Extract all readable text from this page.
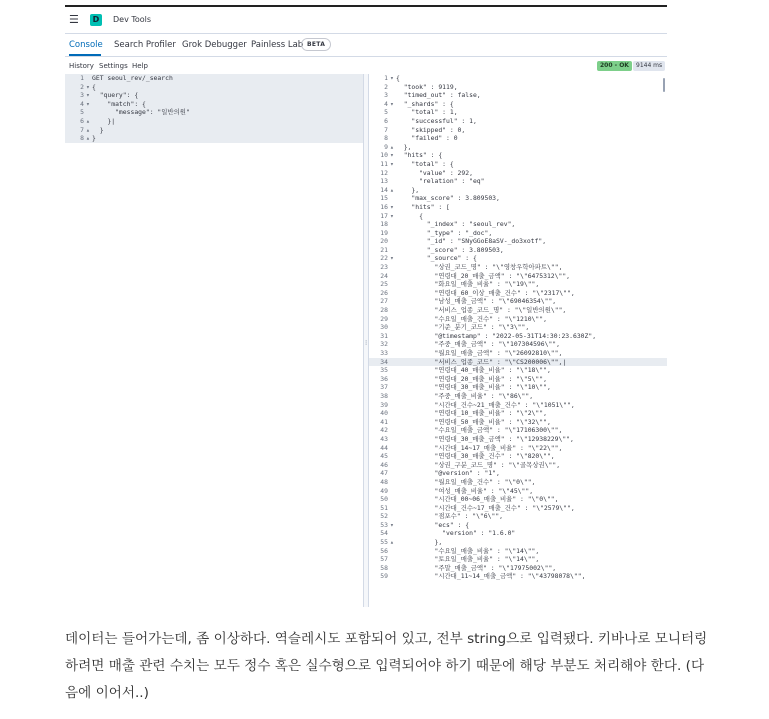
☰	D	Dev Tools
Console Search Profiler Grok Debugger Painless Lab BETA
History Settings Help	200 - OK	9144 ms
1 GET seoul_rev/_search
2 ▾ {
3 ▾  "query": {
4 ▾    "match": {
5      "message": "일반의원"
6 ▴    }|
7 ▴  }
8 ▴ }
⁞
1 ▾ {
2  "took" : 9119,
3  "timed_out" : false,
4 ▾  "_shards" : {
5    "total" : 1,
6    "successful" : 1,
7    "skipped" : 0,
8    "failed" : 0
9 ▴  },
10 ▾  "hits" : {
11 ▾    "total" : {
12      "value" : 292,
13      "relation" : "eq"
14 ▴    },
15    "max_score" : 3.809503,
16 ▾    "hits" : [
17 ▾      {
18        "_index" : "seoul_rev",
19        "_type" : "_doc",
20        "_id" : "SNyGGoE8aSV-_do3xotf",
21        "_score" : 3.809503,
22 ▾        "_source" : {
23          "상권_코드_명" : "\"영창우학아파트\"",
24          "연령대_20_매출_금액" : "\"6475312\"",
25          "화요일_매출_비율" : "\"19\"",
26          "연령대_60_이상_매출_건수" : "\"2317\"",
27          "남성_매출_금액" : "\"69046354\"",
28          "서비스_업종_코드_명" : "\"일반의원\"",
29          "수요일_매출_건수" : "\"1210\"",
30          "기준_분기_코드" : "\"3\"",
31          "@timestamp" : "2022-05-31T14:30:23.630Z",
32          "주중_매출_금액" : "\"107304596\"",
33          "월요일_매출_금액" : "\"26092810\"",
34          "서비스_업종_코드" : "\"CS200006\"",|
35          "연령대_40_매출_비율" : "\"18\"",
36          "연령대_20_매출_비율" : "\"5\"",
37          "연령대_30_매출_비율" : "\"10\"",
38          "주중_매출_비율" : "\"86\"",
39          "시간대_건수~21_매출_건수" : "\"1051\"",
40          "연령대_10_매출_비율" : "\"2\"",
41          "연령대_50_매출_비율" : "\"32\"",
42          "수요일_매출_금액" : "\"17106300\"",
43          "연령대_30_매출_금액" : "\"12938229\"",
44          "시간대_14~17_매출_비율" : "\"22\"",
45          "연령대_30_매출_건수" : "\"820\"",
46          "상권_구분_코드_명" : "\"골목상권\"",
47          "@version" : "1",
48          "월요일_매출_건수" : "\"0\"",
49          "여성_매출_비율" : "\"45\"",
50          "시간대_00~06_매출_비율" : "\"0\"",
51          "시간대_건수~17_매출_건수" : "\"2579\"",
52          "점포수" : "\"6\"",
53 ▾          "ecs" : {
54            "version" : "1.6.0"
55 ▴          },
56          "수요일_매출_비율" : "\"14\"",
57          "토요일_매출_비율" : "\"14\"",
58          "주말_매출_금액" : "\"17975002\"",
59          "시간대_11~14_매출_금액" : "\"43798078\"",
데이터는 들어가는데, 좀 이상하다. 역슬레시도 포함되어 있고, 전부 string으로 입력됐다. 키바나로 모니터링하려면 매출 관련 수치는 모두 정수 혹은 실수형으로 입력되어야 하기 때문에 해당 부분도 처리해야 한다. (다음에 이어서..)
